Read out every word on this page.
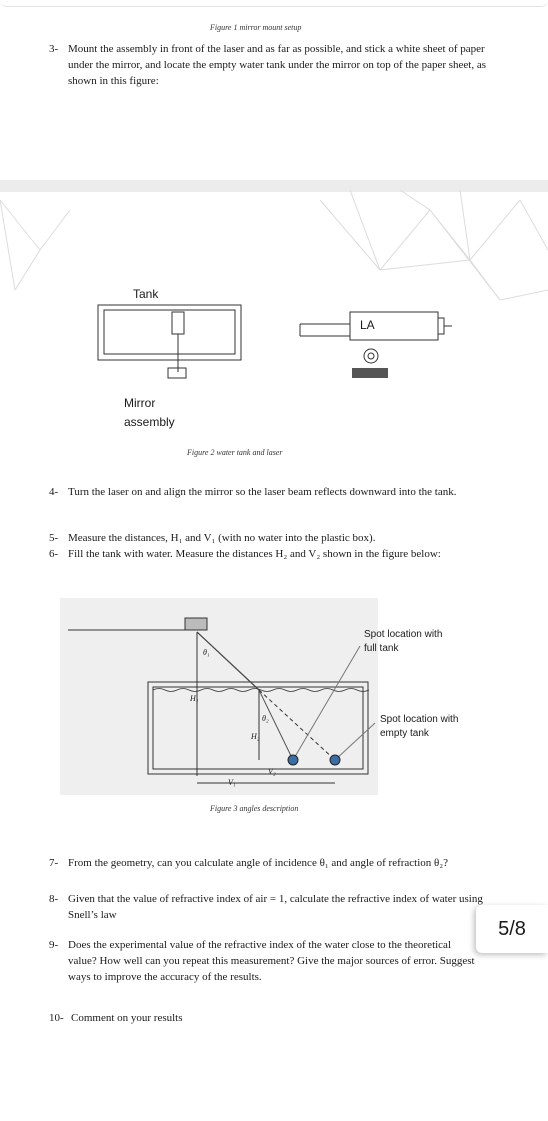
Figure 1 mirror mount setup
3- Mount the assembly in front of the laser and as far as possible, and stick a white sheet of paper under the mirror, and locate the empty water tank under the mirror on top of the paper sheet, as shown in this figure:
Tank
LA
Mirror
assembly
Figure 2 water tank and laser
4- Turn the laser on and align the mirror so the laser beam reflects downward into the tank.
5- Measure the distances, H₁ and V₁ (with no water into the plastic box).
6- Fill the tank with water. Measure the distances H₂ and V₂ shown in the figure below:
Spot location with
full tank
Spot location with
empty tank
θ₁
θ₂
H₁
H₂
V₁
V₂
Figure 3 angles description
7- From the geometry, can you calculate angle of incidence θ₁ and angle of refraction θ₂?
8- Given that the value of refractive index of air = 1, calculate the refractive index of water using Snell’s law
9- Does the experimental value of the refractive index of the water close to the theoretical value? How well can you repeat this measurement? Give the major sources of error. Suggest ways to improve the accuracy of the results.
10- Comment on your results
5/8
